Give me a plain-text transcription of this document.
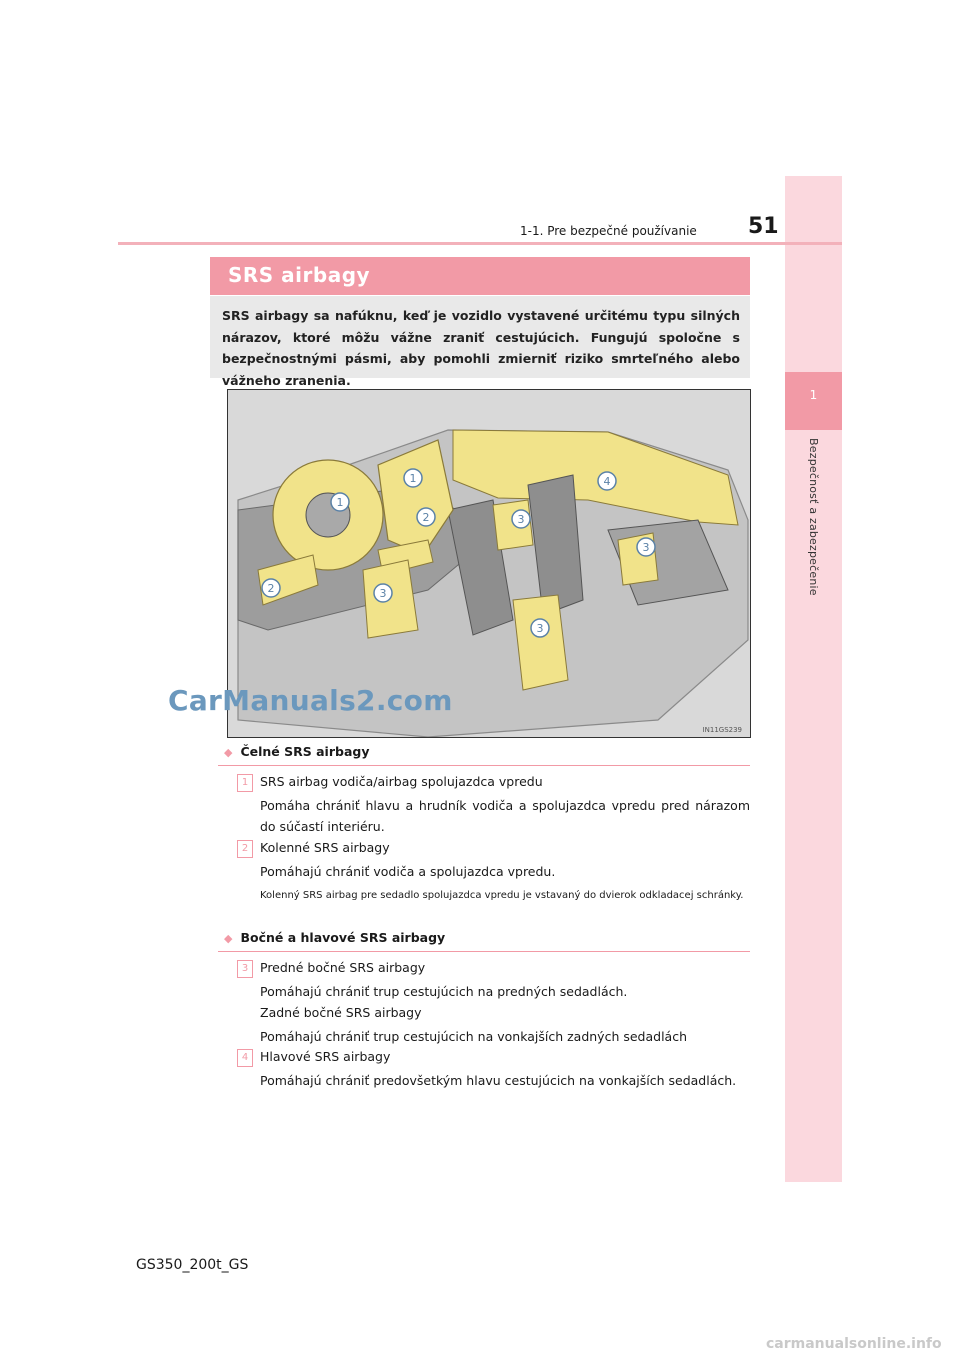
1
Bezpečnosť a zabezpečenie
1-1. Pre bezpečné používanie 51
SRS airbagy
SRS airbagy sa nafúknu, keď je vozidlo vystavené určitému typu silných nárazov, ktoré môžu vážne zraniť cestujúcich. Fungujú spoločne s bezpečnostnými pásmi, aby pomohli zmierniť riziko smrteľného alebo vážneho zranenia.
1
1
2
2	3
3
3
3
4
IN11GS239
CarManuals2.com
◆ Čelné SRS airbagy
1 SRS airbag vodiča/airbag spolujazdca vpredu
Pomáha chrániť hlavu a hrudník vodiča a spolujazdca vpredu pred nárazom do súčastí interiéru.
2 Kolenné SRS airbagy
Pomáhajú chrániť vodiča a spolujazdca vpredu.
Kolenný SRS airbag pre sedadlo spolujazdca vpredu je vstavaný do dvierok odkladacej schránky.
◆ Bočné a hlavové SRS airbagy
3 Predné bočné SRS airbagy
Pomáhajú chrániť trup cestujúcich na predných sedadlách.
Zadné bočné SRS airbagy
Pomáhajú chrániť trup cestujúcich na vonkajších zadných sedadlách
4 Hlavové SRS airbagy
Pomáhajú chrániť predovšetkým hlavu cestujúcich na vonkajších sedadlách.
GS350_200t_GS
carmanualsonline.info
